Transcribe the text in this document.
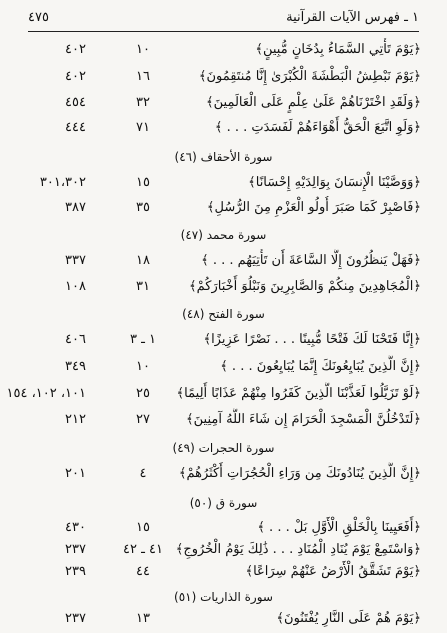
٤٧٥	١ ـ فهرس الآيات القرآنية
٤٠٢	١٠	﴿يَوْمَ تَأْتِي السَّمَاءُ بِدُخَانٍ مُّبِينٍ﴾
٤٠٢	١٦	﴿يَوْمَ نَبْطِشُ الْبَطْشَةَ الْكُبْرَىٰ إِنَّا مُنتَقِمُونَ﴾
٤٥٤	٣٢	﴿وَلَقَدِ اخْتَرْنَاهُمْ عَلَىٰ عِلْمٍ عَلَى الْعَالَمِينَ﴾
٤٤٤	٧١	﴿وَلَوِ اتَّبَعَ الْحَقُّ أَهْوَاءَهُمْ لَفَسَدَتِ . . . ﴾
سورة الأحقاف (٤٦)
٣٠١،٣٠٢	١٥	﴿وَوَصَّيْنَا الْإِنسَانَ بِوَالِدَيْهِ إِحْسَانًا﴾
٣٨٧	٣٥	﴿فَاصْبِرْ كَمَا صَبَرَ أُولُو الْعَزْمِ مِنَ الرُّسُلِ﴾
سورة محمد (٤٧)
٣٣٧	١٨	﴿فَهَلْ يَنظُرُونَ إِلَّا السَّاعَةَ أَن تَأْتِيَهُم . . . ﴾
١٠٨	٣١	﴿الْمُجَاهِدِينَ مِنكُمْ وَالصَّابِرِينَ وَنَبْلُوَ أَخْبَارَكُمْ﴾
سورة الفتح (٤٨)
٤٠٦	١ ـ ٣	﴿إِنَّا فَتَحْنَا لَكَ فَتْحًا مُّبِينًا . . . نَصْرًا عَزِيزًا﴾
٣٤٩	١٠	﴿إِنَّ الَّذِينَ يُبَايِعُونَكَ إِنَّمَا يُبَايِعُونَ . . . ﴾
١٠١، ١٠٢، ١٥٤	٢٥	﴿لَوْ تَزَيَّلُوا لَعَذَّبْنَا الَّذِينَ كَفَرُوا مِنْهُمْ عَذَابًا أَلِيمًا﴾
٢١٢	٢٧	﴿لَتَدْخُلُنَّ الْمَسْجِدَ الْحَرَامَ إِن شَاءَ اللَّهُ آمِنِينَ﴾
سورة الحجرات (٤٩)
٢٠١	٤	﴿إِنَّ الَّذِينَ يُنَادُونَكَ مِن وَرَاءِ الْحُجُرَاتِ أَكْثَرُهُمْ﴾
سورة ق (٥٠)
٤٣٠	١٥	﴿أَفَعَيِينَا بِالْخَلْقِ الْأَوَّلِ بَلْ . . . ﴾
٢٣٧	٤١ ـ ٤٢ ﴿وَاسْتَمِعْ يَوْمَ يُنَادِ الْمُنَادِ . . . ذَٰلِكَ يَوْمُ الْخُرُوجِ﴾
٢٣٩	٤٤	﴿يَوْمَ تَشَقَّقُ الْأَرْضُ عَنْهُمْ سِرَاعًا﴾
سورة الذاريات (٥١)
٢٣٧	١٣	﴿يَوْمَ هُمْ عَلَى النَّارِ يُفْتَنُونَ﴾
